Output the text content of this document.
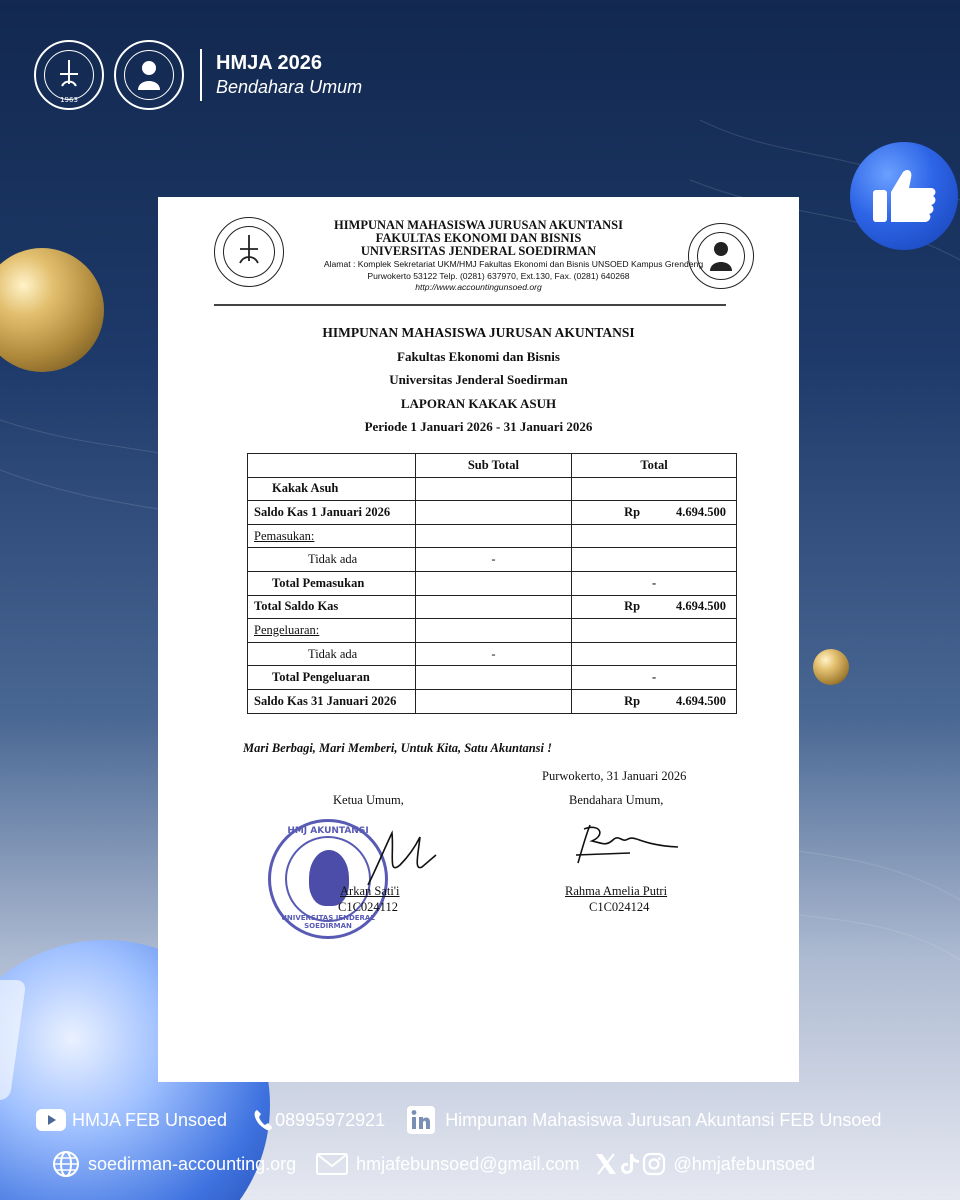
1963
HMJA 2026
Bendahara Umum
HIMPUNAN MAHASISWA JURUSAN AKUNTANSI
FAKULTAS EKONOMI DAN BISNIS
UNIVERSITAS JENDERAL SOEDIRMAN
Alamat : Komplek Sekretariat UKM/HMJ Fakultas Ekonomi dan Bisnis UNSOED Kampus Grendeng
Purwokerto 53122 Telp. (0281) 637970, Ext.130, Fax. (0281) 640268
http://www.accountingunsoed.org
HIMPUNAN MAHASISWA JURUSAN AKUNTANSI
Fakultas Ekonomi dan Bisnis
Universitas Jenderal Soedirman
LAPORAN KAKAK ASUH
Periode 1 Januari 2026 - 31 Januari 2026
	Sub Total	Total
Kakak Asuh		

Saldo Kas 1 Januari 2026		Rp 4.694.500

Pemasukan:		

Tidak ada	-	

Total Pemasukan		-
Total Saldo Kas		Rp 4.694.500

Pengeluaran:		

Tidak ada	-	

Total Pengeluaran		-
Saldo Kas 31 Januari 2026		Rp 4.694.500
Mari Berbagi, Mari Memberi, Untuk Kita, Satu Akuntansi !
Purwokerto, 31 Januari 2026
Ketua Umum,	Bendahara Umum,
HMJ AKUNTANSI
UNIVERSITAS JENDERAL SOEDIRMAN
Arkan Sati'i
C1C024112
Rahma Amelia Putri
C1C024124
HMJA FEB Unsoed	08995972921	Himpunan Mahasiswa Jurusan Akuntansi FEB Unsoed
soedirman-accounting.org	hmjafebunsoed@gmail.com	@hmjafebunsoed
